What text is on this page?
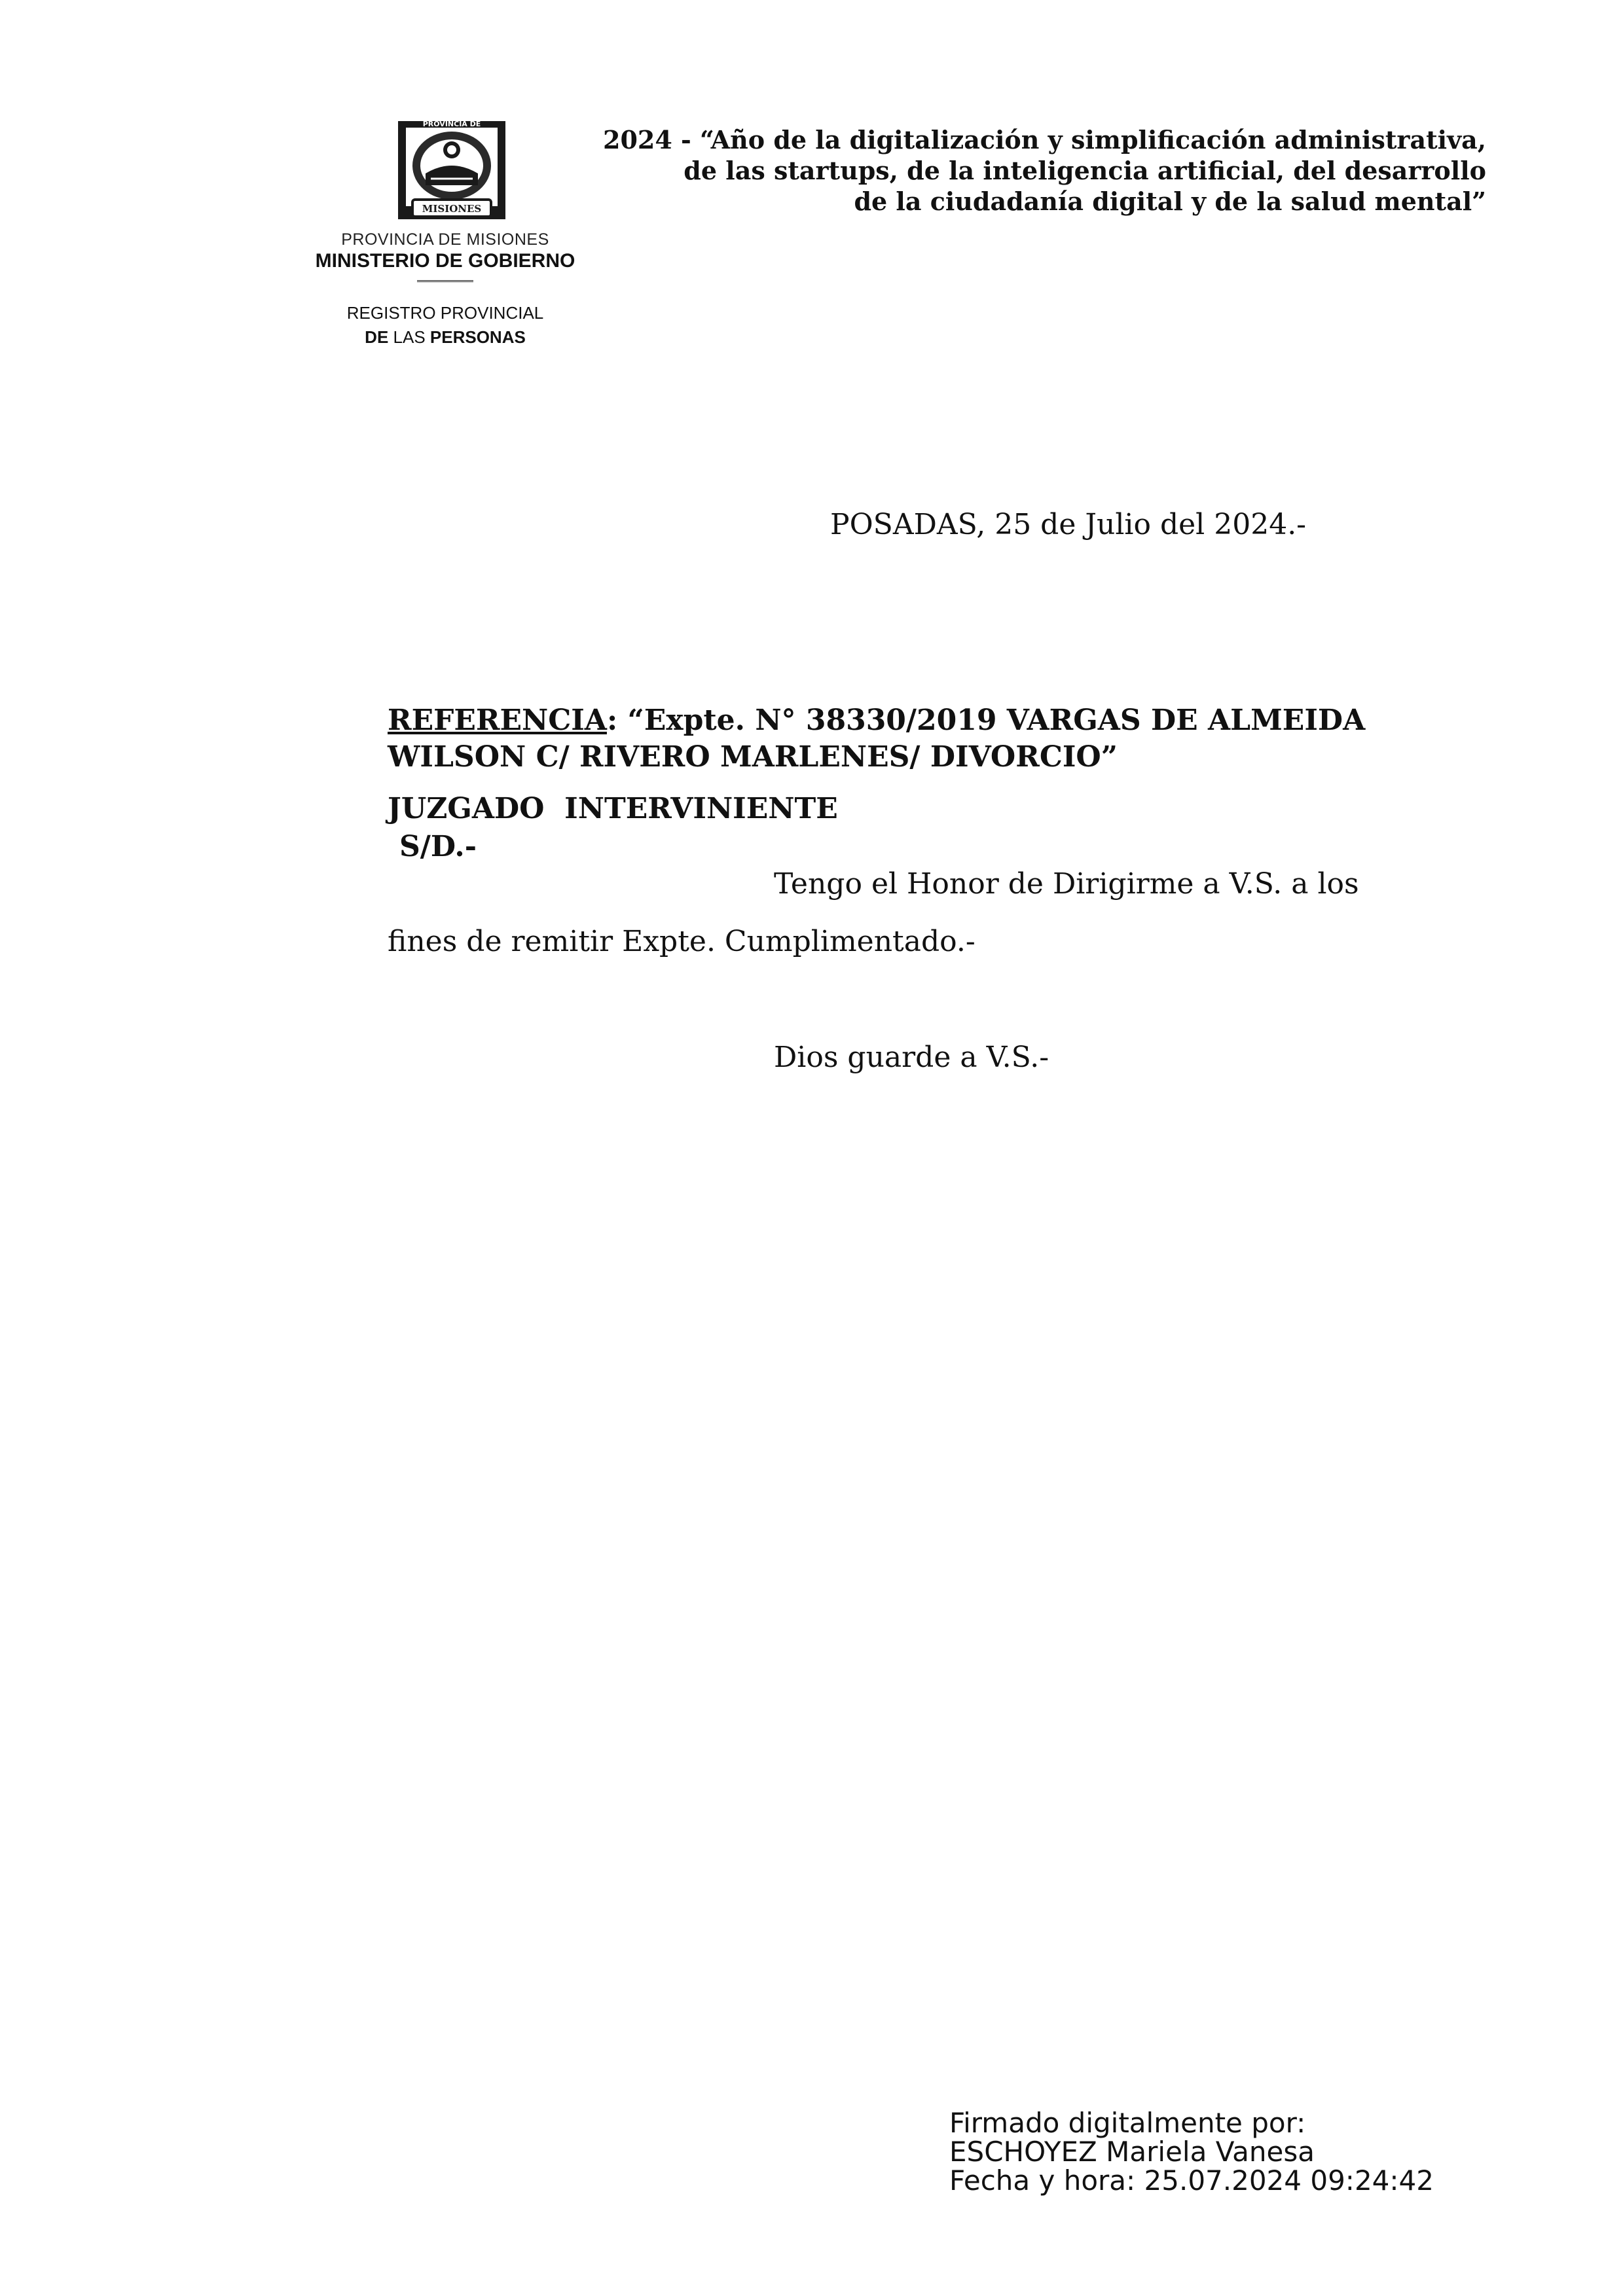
PROVINCIA DE
MISIONES
PROVINCIA DE MISIONES
MINISTERIO DE GOBIERNO
REGISTRO PROVINCIAL
DE LAS PERSONAS
2024 - “Año de la digitalización y simplificación administrativa,
de las startups, de la inteligencia artificial, del desarrollo
de la ciudadanía digital y de la salud mental”
POSADAS, 25 de Julio del 2024.-
REFERENCIA: “Expte. N° 38330/2019 VARGAS DE ALMEIDA
WILSON C/ RIVERO MARLENES/ DIVORCIO”
JUZGADO  INTERVINIENTE
S/D.-
Tengo el Honor de Dirigirme a V.S. a los
fines de remitir Expte. Cumplimentado.-
Dios guarde a V.S.-
Firmado digitalmente por:
ESCHOYEZ Mariela Vanesa
Fecha y hora: 25.07.2024 09:24:42
